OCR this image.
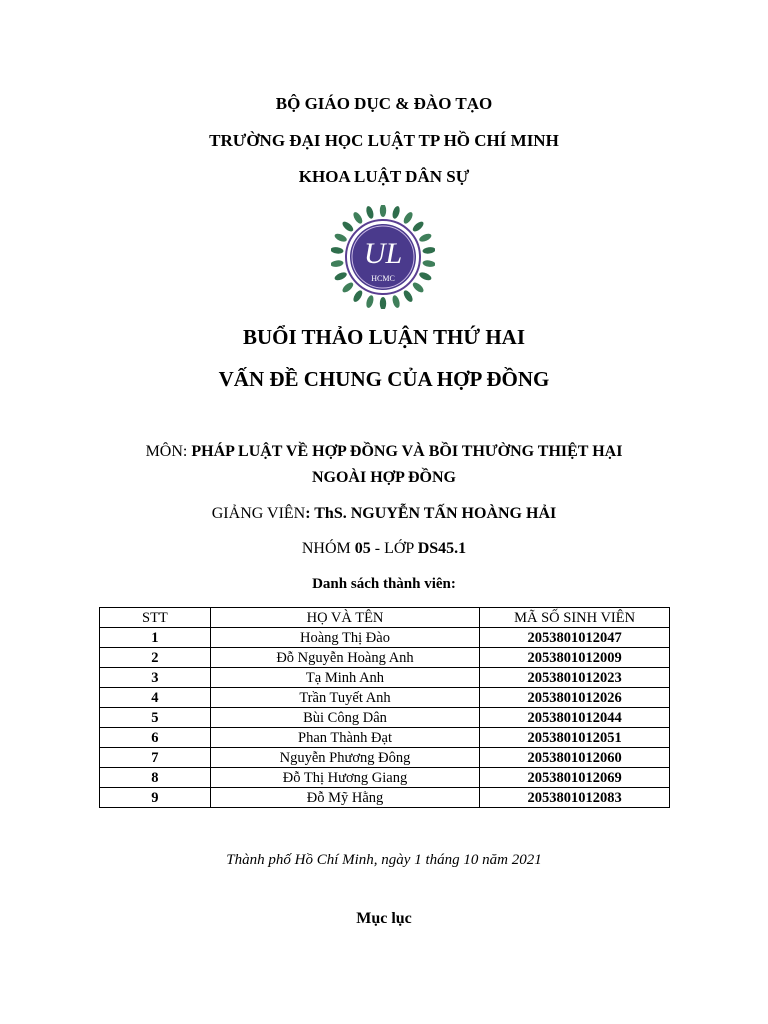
BỘ GIÁO DỤC & ĐÀO TẠO
TRƯỜNG ĐẠI HỌC LUẬT TP HỒ CHÍ MINH
KHOA LUẬT DÂN SỰ
UL
HCMC
BUỔI THẢO LUẬN THỨ HAI
VẤN ĐỀ CHUNG CỦA HỢP ĐỒNG
MÔN: PHÁP LUẬT VỀ HỢP ĐỒNG VÀ BỒI THƯỜNG THIỆT HẠI
NGOÀI HỢP ĐỒNG
GIẢNG VIÊN: ThS. NGUYỄN TẤN HOÀNG HẢI
NHÓM 05 - LỚP DS45.1
Danh sách thành viên:
STT	HỌ VÀ TÊN	MÃ SỐ SINH VIÊN
1	Hoàng Thị Đào	2053801012047
2	Đỗ Nguyễn Hoàng Anh	2053801012009
3	Tạ Minh Anh	2053801012023
4	Trần Tuyết Anh	2053801012026
5	Bùi Công Dân	2053801012044
6	Phan Thành Đạt	2053801012051
7	Nguyễn Phương Đông	2053801012060
8	Đỗ Thị Hương Giang	2053801012069
9	Đỗ Mỹ Hằng	2053801012083
Thành phố Hồ Chí Minh, ngày 1 tháng 10 năm 2021
Mục lục
